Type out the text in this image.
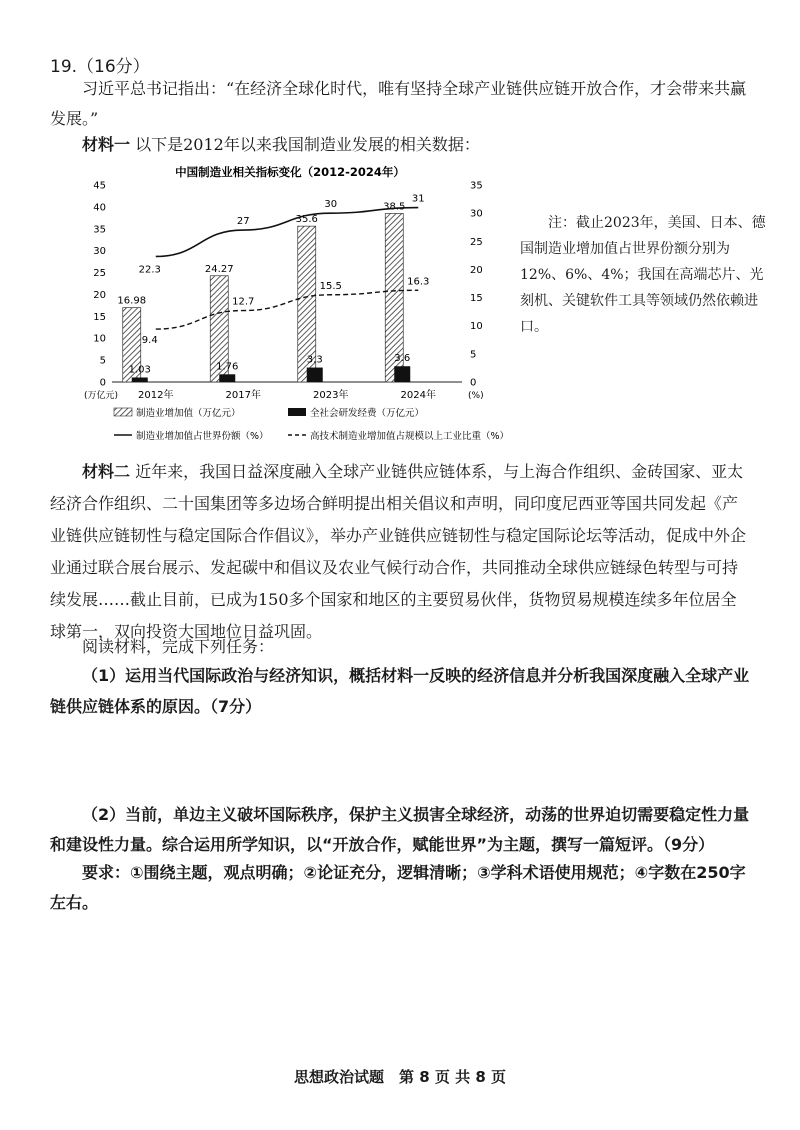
19.（16分）
习近平总书记指出：“在经济全球化时代，唯有坚持全球产业链供应链开放合作，才会带来共赢发展。”
材料一 以下是2012年以来我国制造业发展的相关数据：
中国制造业相关指标变化（2012-2024年）
0
5
10
15
20
25
30
35
40
45
0
5
10
15
20
25
30
35
16.98
24.27
35.6
38.5
1.03	1.76
3.3	3.6
22.3
27
30
31
9.4
12.7
15.5	16.3
2012年	2017年	2023年	2024年
(万亿元)	(%)
制造业增加值（万亿元）	全社会研发经费（万亿元）
制造业增加值占世界份额（%）	高技术制造业增加值占规模以上工业比重（%）
注：截止2023年，美国、日本、德国制造业增加值占世界份额分别为12%、6%、4%；我国在高端芯片、光刻机、关键软件工具等领域仍然依赖进口。
材料二 近年来，我国日益深度融入全球产业链供应链体系，与上海合作组织、金砖国家、亚太经济合作组织、二十国集团等多边场合鲜明提出相关倡议和声明，同印度尼西亚等国共同发起《产业链供应链韧性与稳定国际合作倡议》，举办产业链供应链韧性与稳定国际论坛等活动，促成中外企业通过联合展台展示、发起碳中和倡议及农业气候行动合作，共同推动全球供应链绿色转型与可持续发展……截止目前，已成为150多个国家和地区的主要贸易伙伴，货物贸易规模连续多年位居全球第一，双向投资大国地位日益巩固。
阅读材料，完成下列任务：
（1）运用当代国际政治与经济知识，概括材料一反映的经济信息并分析我国深度融入全球产业链供应链体系的原因。（7分）
（2）当前，单边主义破坏国际秩序，保护主义损害全球经济，动荡的世界迫切需要稳定性力量和建设性力量。综合运用所学知识，以“开放合作，赋能世界”为主题，撰写一篇短评。（9分）
要求：①围绕主题，观点明确；②论证充分，逻辑清晰；③学科术语使用规范；④字数在250字左右。
思想政治试题　第 8 页 共 8 页
